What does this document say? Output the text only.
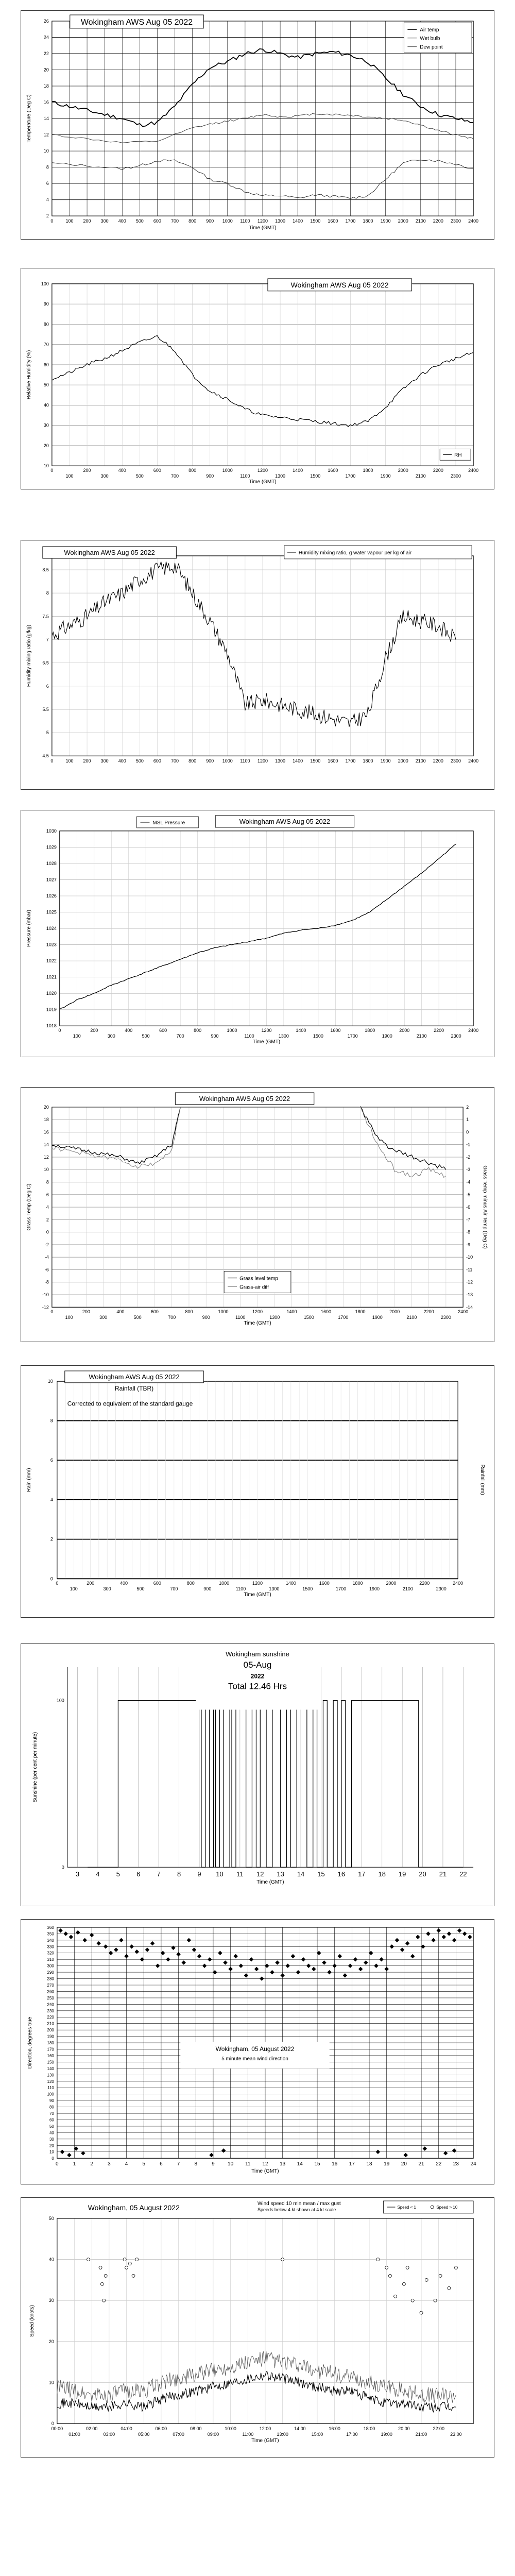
2
4
6
8
10
12
14
16
18
20
22
24
26
0	100 200 300 400 500 600 700 800 900 1000 1100 1200 1300 1400 1500 1600 1700 1800 1900 2000 2100 2200 2300 2400
Time (GMT)
Temperature (Deg C)
Wokingham AWS Aug 05 2022
Air temp
Wet bulb
Dew point
10
20
30
40
50
60
70
80
90
100
0	200	400	600	800	1000	1200	1400	1600	1800	2000	2200	2400
100	300	500	700	900	1100	1300	1500	1700	1900	2100	2300
Time (GMT)
Relative Humidity (%)
Wokingham AWS Aug 05 2022
RH
4.5
5
5.5
6
6.5
7
7.5
8
8.5
0	100 200 300 400 500 600 700 800 900 1000 1100 1200 1300 1400 1500 1600 1700 1800 1900 2000 2100 2200 2300 2400
Humidity mixing ratio (g/kg)
Wokingham AWS Aug 05 2022	Humidity mixing ratio, g water vapour per kg of air
1018
1019
1020
1021
1022
1023
1024
1025
1026
1027
1028
1029
1030
0	200	400	600	800	1000	1200	1400	1600	1800	2000	2200	2400
100	300	500	700	900	1100	1300	1500	1700	1900	2100	2300
Time (GMT)
Pressure (mbar)
MSL Pressure	Wokingham AWS Aug 05 2022
-12
-10
-8
-6
-4
-2
0
2
4
6
8
10
12
14
16
18
20
0	200	400	600	800	1000	1200	1400	1600	1800	2000	2200	2400
100	300	500	700	900	1100	1300	1500	1700	1900	2100	2300
Time (GMT)
Grass Temp (Deg C)
-14
-13
-12
-11
-10
-9
-8
-7
-6
-5
-4
-3
-2
-1
0
1
2
Grass Temp minus Air Temp (Deg C)
Wokingham AWS Aug 05 2022
Grass level temp
Grass-air diff
0
2
4
6
8
10
0	200	400	600	800	1000	1200	1400	1600	1800	2000	2200	2400
100	300	500	700	900	1100	1300	1500	1700	1900	2100	2300
Time (GMT)
Rain (mm)	Rainfall (mm)
Wokingham AWS Aug 05 2022
Rainfall (TBR)
Corrected to equivalent of the standard gauge
3 4 5 6 7 8 9 10 11 12 13 14 15 16 17 18 19 20 21 22
0
100
Time (GMT)
Sunshine (per cent per minute)
Wokingham sunshine
05-Aug
2022
Total 12.46 Hrs
0
10
20
30
40
50
60
70
80
90
100
110
120
130
140
150
160
170
180
190
200
210
220
230
240
250
260
270
280
290
300
310
320
330
340
350
360
0	1	2	3	4	5	6	7	8	9	10 11 12 13 14 15 16 17 18 19 20 21 22 23 24
Time (GMT)
Direction, degrees true	Wokingham, 05 August 2022
5 minute mean wind direction
0
10
20
30
40
50
00:00	02:00	04:00	06:00	08:00	10:00	12:00	14:00	16:00	18:00	20:00	22:00
01:00	03:00	05:00	07:00	09:00	11:00	13:00	15:00	17:00	19:00	21:00	23:00
Time (GMT)
Speed (knots)
Wokingham, 05 August 2022	Wind speed 10 min mean / max gust
Speeds below 4 kt shown at 4 kt scale	Speed < 1	Speed > 10
